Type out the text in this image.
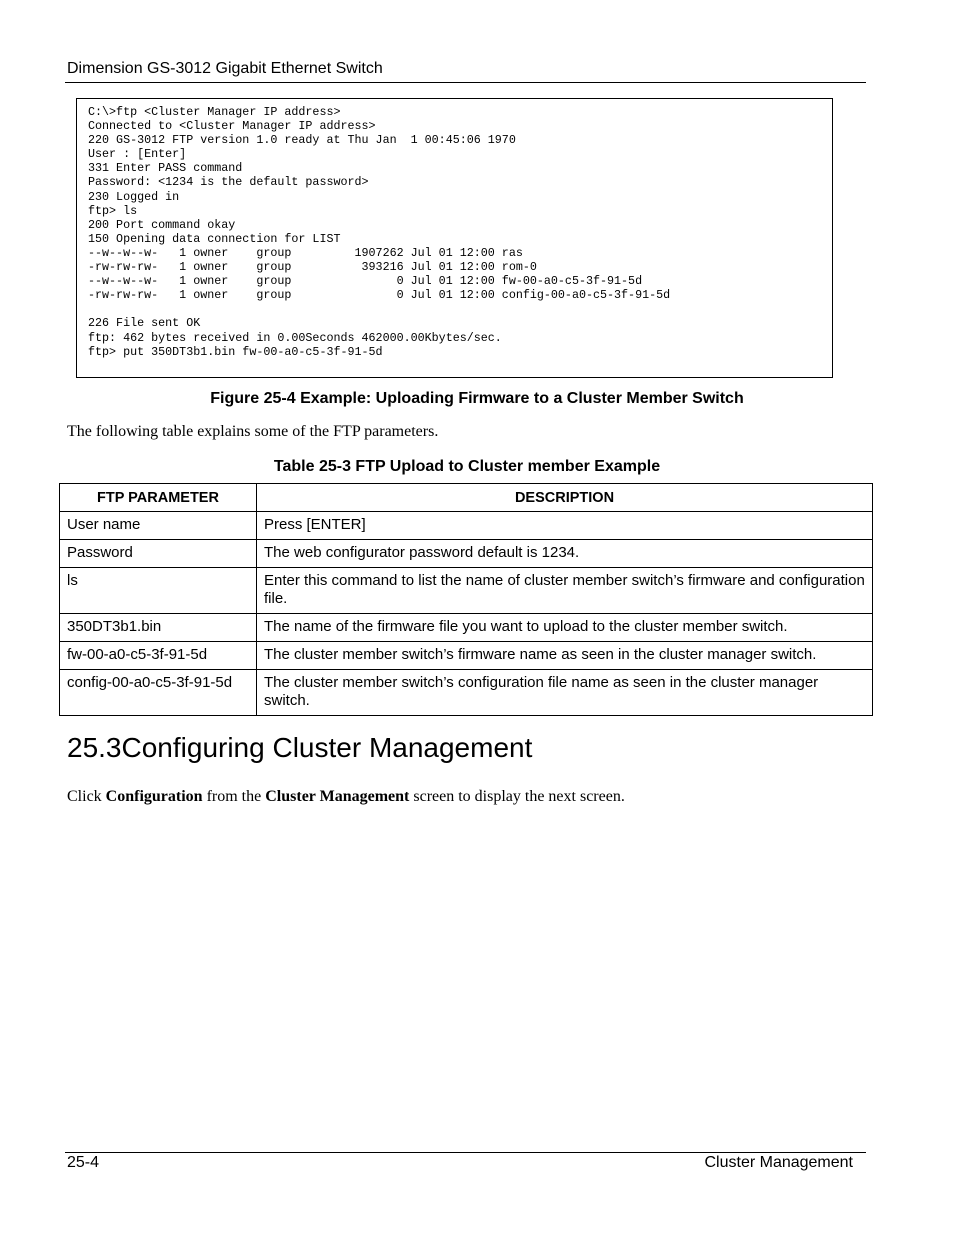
Dimension GS-3012 Gigabit Ethernet Switch
C:\>ftp <Cluster Manager IP address>
Connected to <Cluster Manager IP address>
220 GS-3012 FTP version 1.0 ready at Thu Jan  1 00:45:06 1970
User : [Enter]
331 Enter PASS command
Password: <1234 is the default password>
230 Logged in
ftp> ls
200 Port command okay
150 Opening data connection for LIST
--w--w--w-   1 owner    group         1907262 Jul 01 12:00 ras
-rw-rw-rw-   1 owner    group          393216 Jul 01 12:00 rom-0
--w--w--w-   1 owner    group               0 Jul 01 12:00 fw-00-a0-c5-3f-91-5d
-rw-rw-rw-   1 owner    group               0 Jul 01 12:00 config-00-a0-c5-3f-91-5d

226 File sent OK
ftp: 462 bytes received in 0.00Seconds 462000.00Kbytes/sec.
ftp> put 350DT3b1.bin fw-00-a0-c5-3f-91-5d
Figure 25-4 Example: Uploading Firmware to a Cluster Member Switch
The following table explains some of the FTP parameters.
Table 25-3 FTP Upload to Cluster member Example
FTP PARAMETER	DESCRIPTION
User name	Press [ENTER]
Password	The web configurator password default is 1234.
ls	Enter this command to list the name of cluster member switch’s firmware and configuration file.
350DT3b1.bin	The name of the firmware file you want to upload to the cluster member switch.
fw-00-a0-c5-3f-91-5d	The cluster member switch’s firmware name as seen in the cluster manager switch.
config-00-a0-c5-3f-91-5d	The cluster member switch’s configuration file name as seen in the cluster manager switch.
25.3Configuring Cluster Management
Click Configuration from the Cluster Management screen to display the next screen.
25-4	Cluster Management
